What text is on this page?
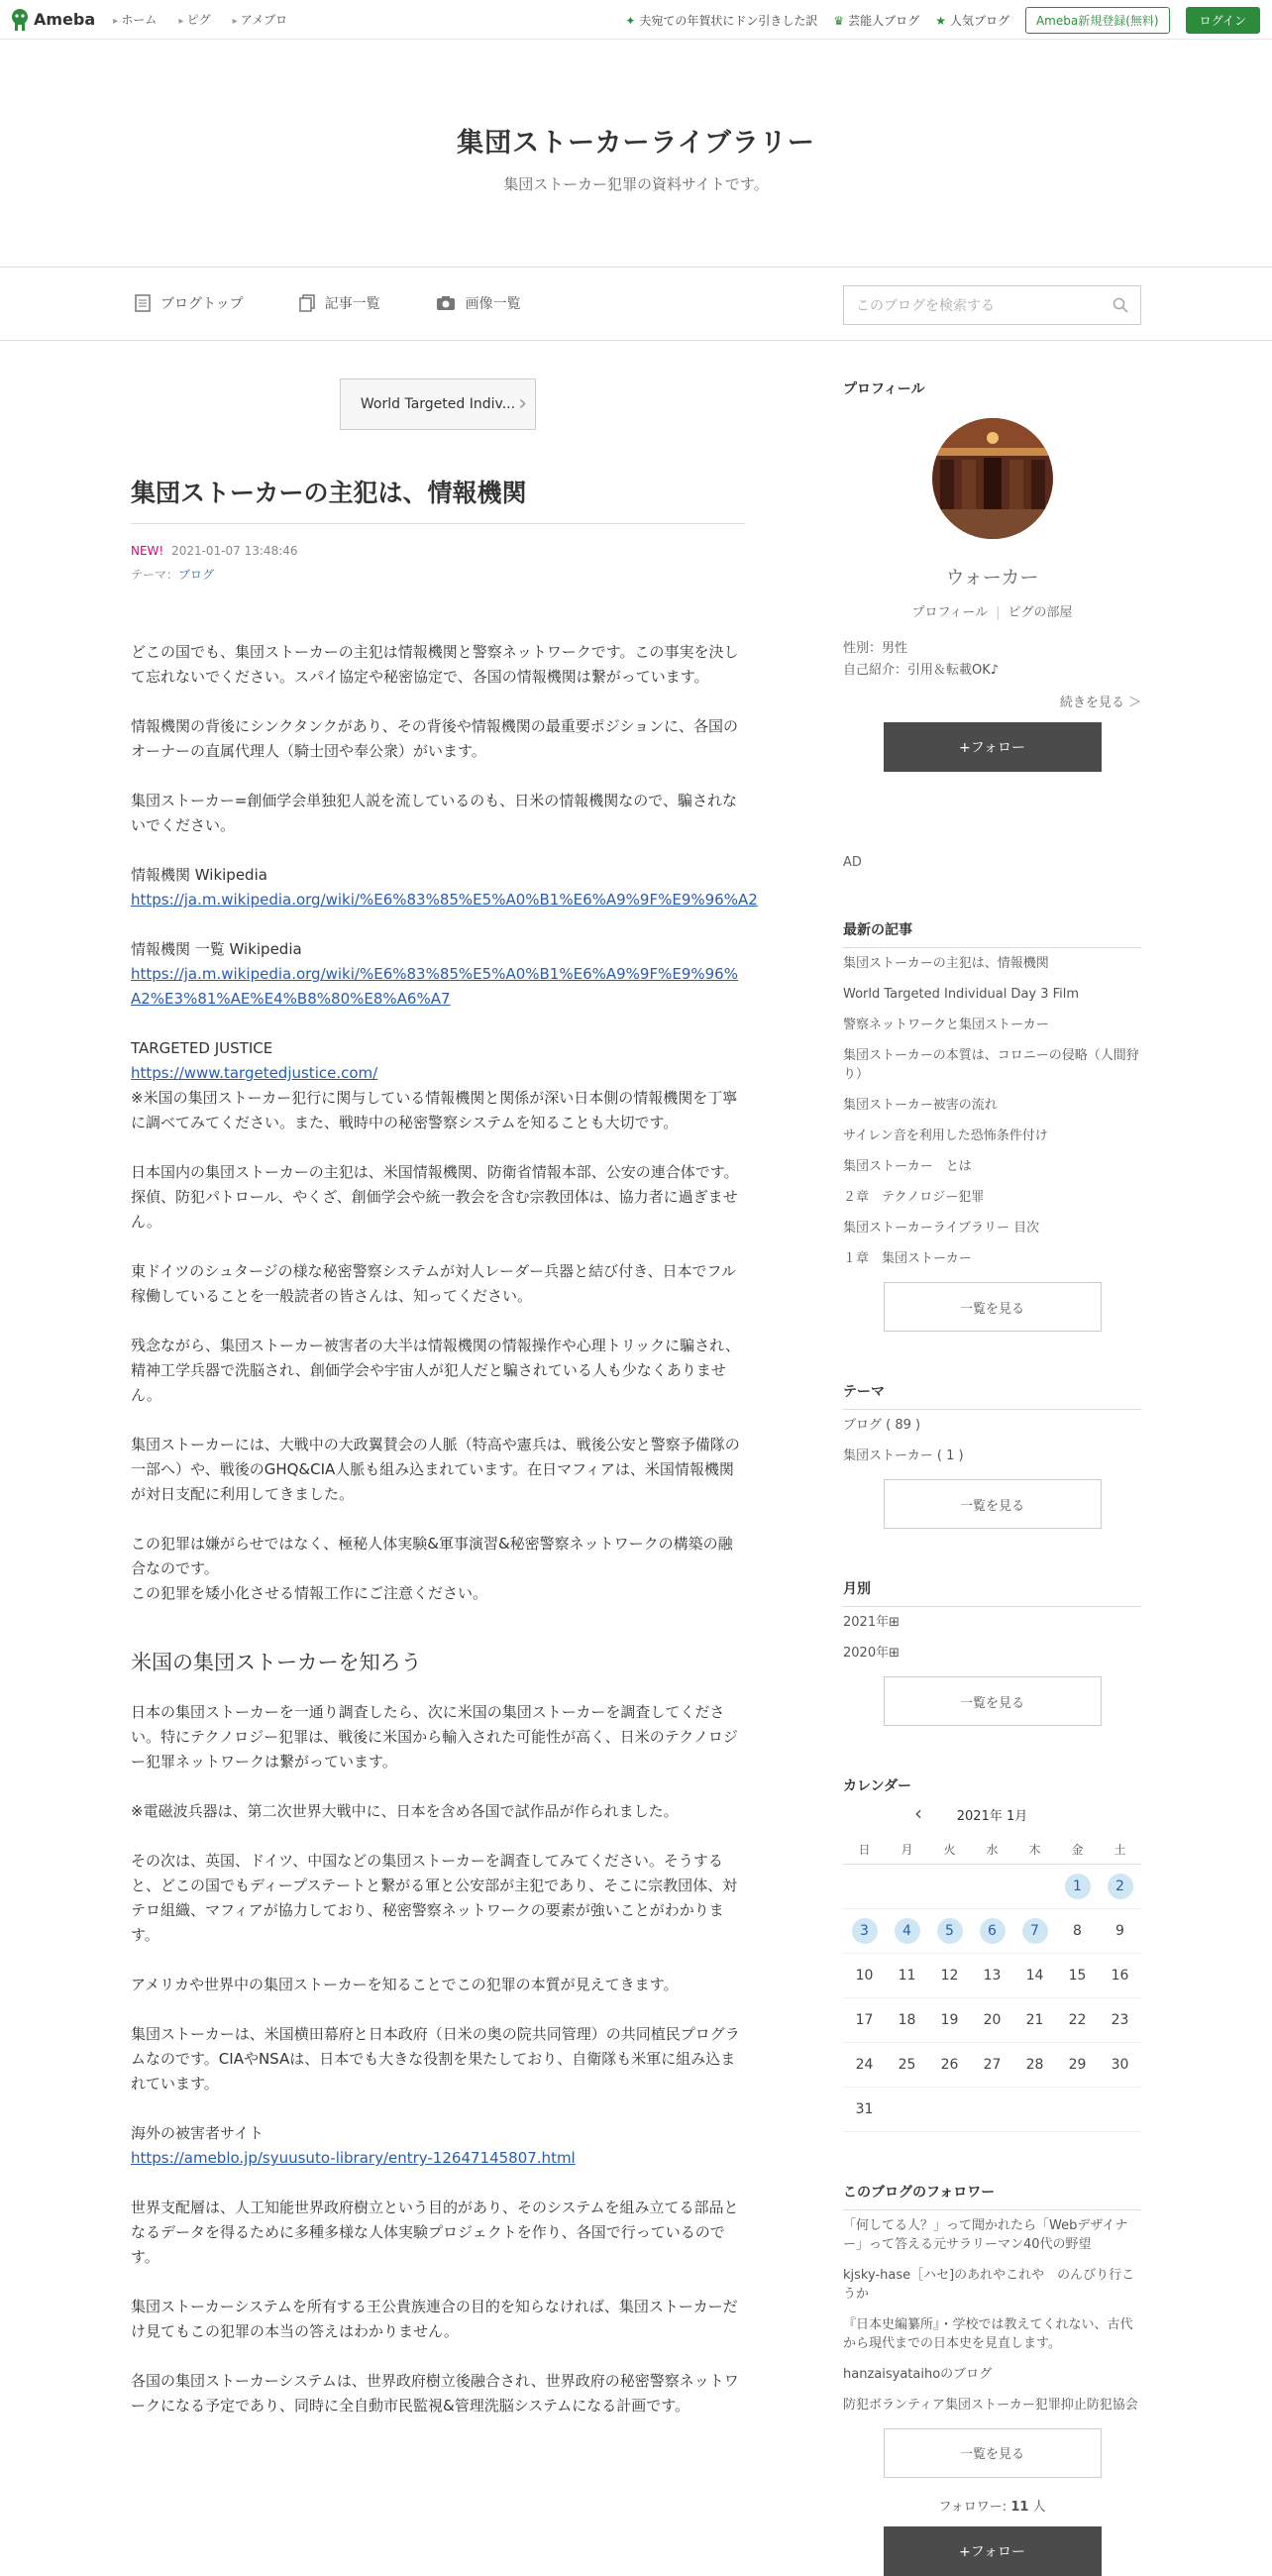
Ameba	▸ ホーム	▸ ピグ	▸ アメブロ	✦ 夫宛ての年賀状にドン引きした訳 ♛ 芸能人ブログ ★ 人気ブログ	Ameba新規登録(無料)	ログイン
集団ストーカーライブラリー
集団ストーカー犯罪の資料サイトです。
ブログトップ	記事一覧	画像一覧	このブログを検索する
World Targeted Indiv... ›
集団ストーカーの主犯は、情報機関
NEW! 2021-01-07 13:48:46
テーマ：ブログ

どこの国でも、集団ストーカーの主犯は情報機関と警察ネットワークです。この事実を決して忘れないでください。スパイ協定や秘密協定で、各国の情報機関は繋がっています。

情報機関の背後にシンクタンクがあり、その背後や情報機関の最重要ポジションに、各国のオーナーの直属代理人（騎士団や奉公衆）がいます。

集団ストーカー=創価学会単独犯人説を流しているのも、日米の情報機関なので、騙されないでください。

情報機関 Wikipedia
https://ja.m.wikipedia.org/wiki/%E6%83%85%E5%A0%B1%E6%A9%9F%E9%96%A2

情報機関 一覧 Wikipedia
https://ja.m.wikipedia.org/wiki/%E6%83%85%E5%A0%B1%E6%A9%9F%E9%96%A2%E3%81%AE%E4%B8%80%E8%A6%A7

TARGETED JUSTICE
https://www.targetedjustice.com/
※米国の集団ストーカー犯行に関与している情報機関と関係が深い日本側の情報機関を丁寧に調べてみてください。また、戦時中の秘密警察システムを知ることも大切です。

日本国内の集団ストーカーの主犯は、米国情報機関、防衛省情報本部、公安の連合体です。探偵、防犯パトロール、やくざ、創価学会や統一教会を含む宗教団体は、協力者に過ぎません。

東ドイツのシュタージの様な秘密警察システムが対人レーダー兵器と結び付き、日本でフル稼働していることを一般読者の皆さんは、知ってください。

残念ながら、集団ストーカー被害者の大半は情報機関の情報操作や心理トリックに騙され、精神工学兵器で洗脳され、創価学会や宇宙人が犯人だと騙されている人も少なくありません。

集団ストーカーには、大戦中の大政翼賛会の人脈（特高や憲兵は、戦後公安と警察予備隊の一部へ）や、戦後のGHQ&CIA人脈も組み込まれています。在日マフィアは、米国情報機関が対日支配に利用してきました。

この犯罪は嫌がらせではなく、極秘人体実験&軍事演習&秘密警察ネットワークの構築の融合なのです。
この犯罪を矮小化させる情報工作にご注意ください。

米国の集団ストーカーを知ろう

日本の集団ストーカーを一通り調査したら、次に米国の集団ストーカーを調査してください。特にテクノロジー犯罪は、戦後に米国から輸入された可能性が高く、日米のテクノロジー犯罪ネットワークは繋がっています。

※電磁波兵器は、第二次世界大戦中に、日本を含め各国で試作品が作られました。

その次は、英国、ドイツ、中国などの集団ストーカーを調査してみてください。そうすると、どこの国でもディープステートと繋がる軍と公安部が主犯であり、そこに宗教団体、対テロ組織、マフィアが協力しており、秘密警察ネットワークの要素が強いことがわかります。

アメリカや世界中の集団ストーカーを知ることでこの犯罪の本質が見えてきます。

集団ストーカーは、米国横田幕府と日本政府（日米の奥の院共同管理）の共同植民プログラムなのです。CIAやNSAは、日本でも大きな役割を果たしており、自衛隊も米軍に組み込まれています。

海外の被害者サイト
https://ameblo.jp/syuusuto-library/entry-12647145807.html

世界支配層は、人工知能世界政府樹立という目的があり、そのシステムを組み立てる部品となるデータを得るために多種多様な人体実験プロジェクトを作り、各国で行っているのです。

集団ストーカーシステムを所有する王公貴族連合の目的を知らなければ、集団ストーカーだけ見てもこの犯罪の本当の答えはわかりません。

各国の集団ストーカーシステムは、世界政府樹立後融合され、世界政府の秘密警察ネットワークになる予定であり、同時に全自動市民監視&管理洗脳システムになる計画です。

プロフィール
ウォーカー
プロフィール | ピグの部屋
性別：男性
自己紹介：引用＆転載OK♪
続きを見る ＞
+フォロー
AD
最新の記事
集団ストーカーの主犯は、情報機関
World Targeted Individual Day 3 Film
警察ネットワークと集団ストーカー
集団ストーカーの本質は、コロニーの侵略（人間狩り）
集団ストーカー被害の流れ
サイレン音を利用した恐怖条件付け
集団ストーカー　とは
２章　テクノロジー犯罪
集団ストーカーライブラリー 目次
１章　集団ストーカー
一覧を見る
テーマ
ブログ ( 89 )
集団ストーカー ( 1 )
一覧を見る
月別
2021年⊞
2020年⊞
一覧を見る
カレンダー
‹	2021年 1月
日	月	火	水	木	金	土
					1	2
3	4	5	6	7	8	9
10	11	12	13	14	15	16
17	18	19	20	21	22	23
24	25	26	27	28	29	30
31						
このブログのフォロワー
「何してる人？」って聞かれたら「Webデザイナー」って答える元サラリーマン40代の野望
kjsky-hase［ハセ]のあれやこれや　のんびり行こうか
『日本史編纂所』・学校では教えてくれない、古代から現代までの日本史を見直します。
hanzaisyataihoのブログ
防犯ボランティア集団ストーカー犯罪抑止防犯協会
一覧を見る
フォロワー: 11 人
+フォロー
